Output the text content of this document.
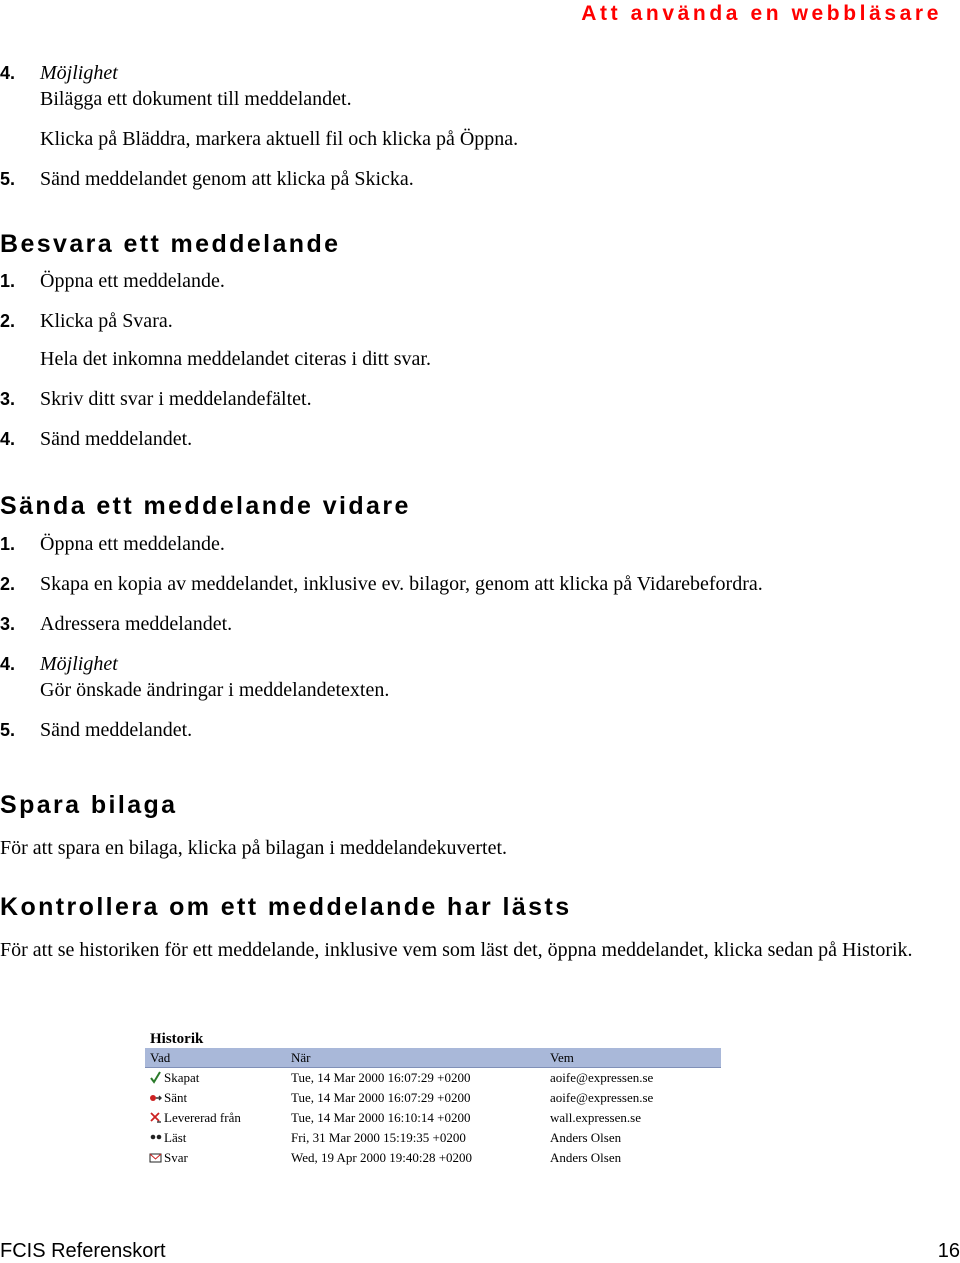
Att använda en webbläsare
4. Möjlighet
Bilägga ett dokument till meddelandet.
Klicka på Bläddra, markera aktuell fil och klicka på Öppna.
5. Sänd meddelandet genom att klicka på Skicka.
Besvara ett meddelande
1. Öppna ett meddelande.
2. Klicka på Svara.
Hela det inkomna meddelandet citeras i ditt svar.
3. Skriv ditt svar i meddelandefältet.
4. Sänd meddelandet.
Sända ett meddelande vidare
1. Öppna ett meddelande.
2. Skapa en kopia av meddelandet, inklusive ev. bilagor, genom att klicka på Vidarebefordra.
3. Adressera meddelandet.
4. Möjlighet
Gör önskade ändringar i meddelandetexten.
5. Sänd meddelandet.
Spara bilaga
För att spara en bilaga, klicka på bilagan i meddelandekuvertet.
Kontrollera om ett meddelande har lästs
För att se historiken för ett meddelande, inklusive vem som läst det, öppna meddelandet, klicka sedan på Historik.
Historik
Vad	När	Vem
Skapat	Tue, 14 Mar 2000 16:07:29 +0200	aoife@expressen.se
Sänt	Tue, 14 Mar 2000 16:07:29 +0200	aoife@expressen.se
Levererad från	Tue, 14 Mar 2000 16:10:14 +0200	wall.expressen.se
Läst	Fri, 31 Mar 2000 15:19:35 +0200	Anders Olsen
Svar	Wed, 19 Apr 2000 19:40:28 +0200	Anders Olsen
FCIS Referenskort	16
